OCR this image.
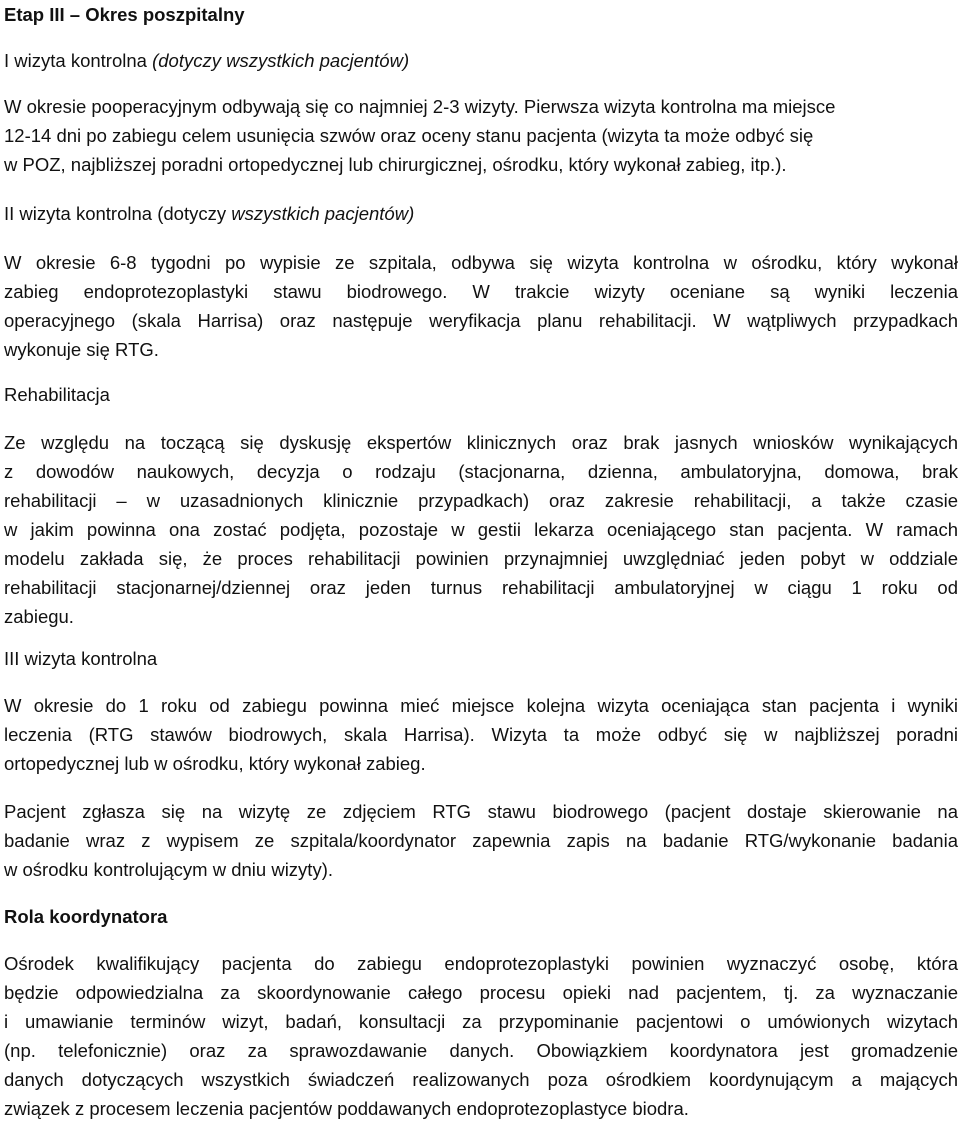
Etap III – Okres poszpitalny
I wizyta kontrolna (dotyczy wszystkich pacjentów)
W okresie pooperacyjnym odbywają się co najmniej 2-3 wizyty. Pierwsza wizyta kontrolna ma miejsce
12-14 dni po zabiegu celem usunięcia szwów oraz oceny stanu pacjenta (wizyta ta może odbyć się
w POZ, najbliższej poradni ortopedycznej lub chirurgicznej, ośrodku, który wykonał zabieg, itp.).
II wizyta kontrolna (dotyczy wszystkich pacjentów)
W okresie 6-8 tygodni po wypisie ze szpitala, odbywa się wizyta kontrolna w ośrodku, który wykonał
zabieg endoprotezoplastyki stawu biodrowego. W trakcie wizyty oceniane są wyniki leczenia
operacyjnego (skala Harrisa) oraz następuje weryfikacja planu rehabilitacji. W wątpliwych przypadkach
wykonuje się RTG.
Rehabilitacja
Ze względu na toczącą się dyskusję ekspertów klinicznych oraz brak jasnych wniosków wynikających
z dowodów naukowych, decyzja o rodzaju (stacjonarna, dzienna, ambulatoryjna, domowa, brak
rehabilitacji – w uzasadnionych klinicznie przypadkach) oraz zakresie rehabilitacji, a także czasie
w jakim powinna ona zostać podjęta, pozostaje w gestii lekarza oceniającego stan pacjenta. W ramach
modelu zakłada się, że proces rehabilitacji powinien przynajmniej uwzględniać jeden pobyt w oddziale
rehabilitacji stacjonarnej/dziennej oraz jeden turnus rehabilitacji ambulatoryjnej w ciągu 1 roku od
zabiegu.
III wizyta kontrolna
W okresie do 1 roku od zabiegu powinna mieć miejsce kolejna wizyta oceniająca stan pacjenta i wyniki
leczenia (RTG stawów biodrowych, skala Harrisa). Wizyta ta może odbyć się w najbliższej poradni
ortopedycznej lub w ośrodku, który wykonał zabieg.
Pacjent zgłasza się na wizytę ze zdjęciem RTG stawu biodrowego (pacjent dostaje skierowanie na
badanie wraz z wypisem ze szpitala/koordynator zapewnia zapis na badanie RTG/wykonanie badania
w ośrodku kontrolującym w dniu wizyty).
Rola koordynatora
Ośrodek kwalifikujący pacjenta do zabiegu endoprotezoplastyki powinien wyznaczyć osobę, która
będzie odpowiedzialna za skoordynowanie całego procesu opieki nad pacjentem, tj. za wyznaczanie
i umawianie terminów wizyt, badań, konsultacji za przypominanie pacjentowi o umówionych wizytach
(np. telefonicznie) oraz za sprawozdawanie danych. Obowiązkiem koordynatora jest gromadzenie
danych dotyczących wszystkich świadczeń realizowanych poza ośrodkiem koordynującym a mających
związek z procesem leczenia pacjentów poddawanych endoprotezoplastyce biodra.
